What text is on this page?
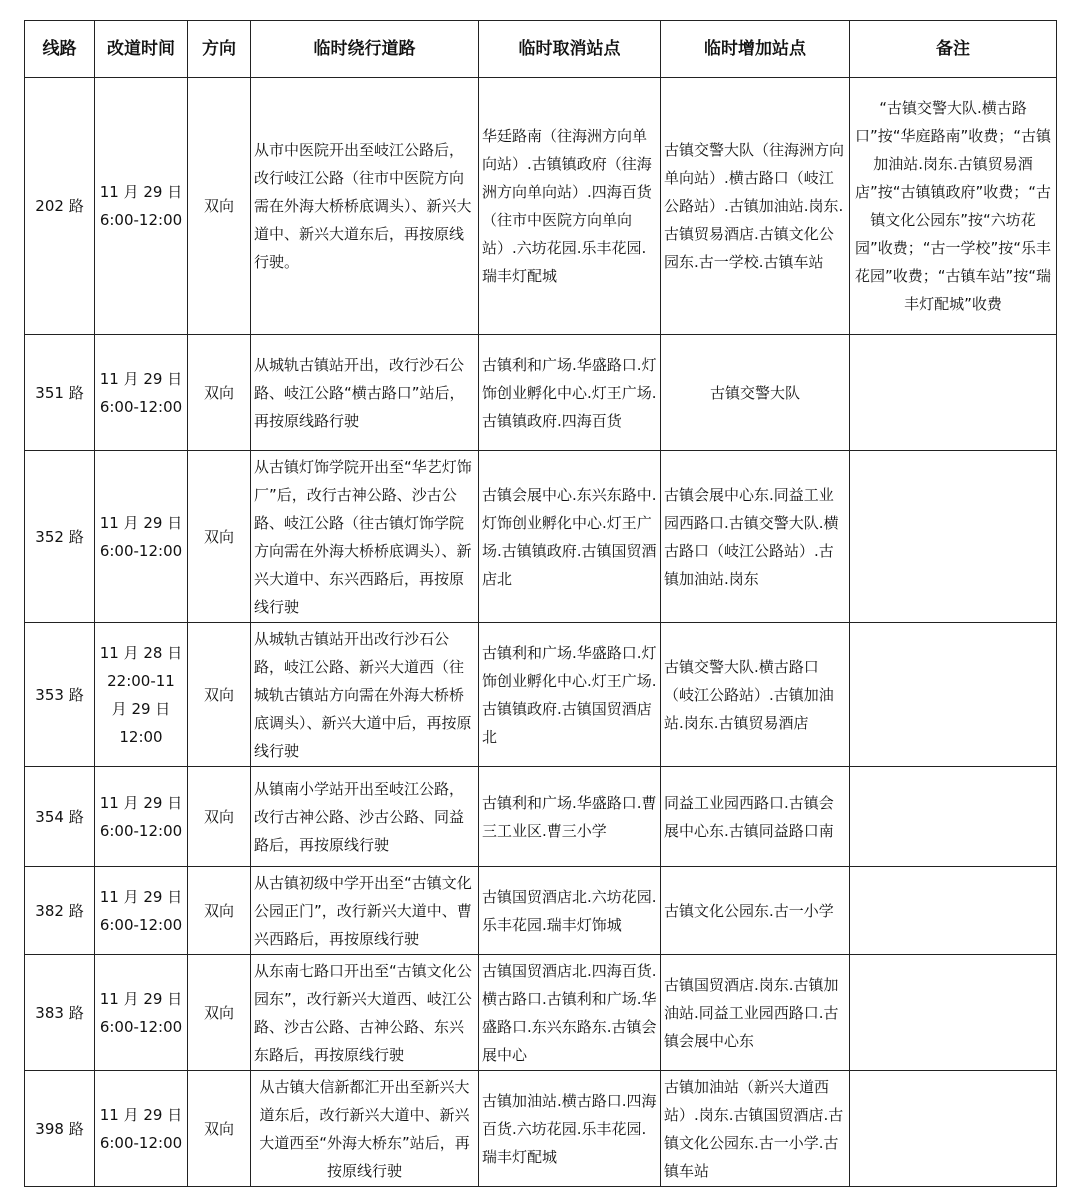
线路	改道时间	方向	临时绕行道路	临时取消站点	临时增加站点	备注
202 路	11 月 29 日 6:00-12:00	双向	从市中医院开出至岐江公路后，改行岐江公路（往市中医院方向需在外海大桥桥底调头）、新兴大道中、新兴大道东后，再按原线行驶。	华廷路南（往海洲方向单向站）.古镇镇政府（往海洲方向单向站）.四海百货（往市中医院方向单向站）.六坊花园.乐丰花园.瑞丰灯配城	古镇交警大队（往海洲方向单向站）.横古路口（岐江公路站）.古镇加油站.岗东.古镇贸易酒店.古镇文化公园东.古一学校.古镇车站	“古镇交警大队.横古路口”按“华庭路南”收费；“古镇加油站.岗东.古镇贸易酒店”按“古镇镇政府”收费；“古镇文化公园东”按“六坊花园”收费；“古一学校”按“乐丰花园”收费；“古镇车站”按“瑞丰灯配城”收费
351 路	11 月 29 日 6:00-12:00	双向	从城轨古镇站开出，改行沙石公路、岐江公路“横古路口”站后，再按原线路行驶	古镇利和广场.华盛路口.灯饰创业孵化中心.灯王广场.古镇镇政府.四海百货	古镇交警大队	
352 路	11 月 29 日 6:00-12:00	双向	从古镇灯饰学院开出至“华艺灯饰厂”后，改行古神公路、沙古公路、岐江公路（往古镇灯饰学院方向需在外海大桥桥底调头）、新兴大道中、东兴西路后，再按原线行驶	古镇会展中心.东兴东路中.灯饰创业孵化中心.灯王广场.古镇镇政府.古镇国贸酒店北	古镇会展中心东.同益工业园西路口.古镇交警大队.横古路口（岐江公路站）.古镇加油站.岗东	
353 路	11 月 28 日 22:00-11 月 29 日 12:00	双向	从城轨古镇站开出改行沙石公路，岐江公路、新兴大道西（往城轨古镇站方向需在外海大桥桥底调头）、新兴大道中后，再按原线行驶	古镇利和广场.华盛路口.灯饰创业孵化中心.灯王广场.古镇镇政府.古镇国贸酒店北	古镇交警大队.横古路口（岐江公路站）.古镇加油站.岗东.古镇贸易酒店	
354 路	11 月 29 日 6:00-12:00	双向	从镇南小学站开出至岐江公路，改行古神公路、沙古公路、同益路后，再按原线行驶	古镇利和广场.华盛路口.曹三工业区.曹三小学	同益工业园西路口.古镇会展中心东.古镇同益路口南	
382 路	11 月 29 日 6:00-12:00	双向	从古镇初级中学开出至“古镇文化公园正门”，改行新兴大道中、曹兴西路后，再按原线行驶	古镇国贸酒店北.六坊花园.乐丰花园.瑞丰灯饰城	古镇文化公园东.古一小学	
383 路	11 月 29 日 6:00-12:00	双向	从东南七路口开出至“古镇文化公园东”，改行新兴大道西、岐江公路、沙古公路、古神公路、东兴东路后，再按原线行驶	古镇国贸酒店北.四海百货.横古路口.古镇利和广场.华盛路口.东兴东路东.古镇会展中心	古镇国贸酒店.岗东.古镇加油站.同益工业园西路口.古镇会展中心东	
398 路	11 月 29 日 6:00-12:00	双向	从古镇大信新都汇开出至新兴大道东后，改行新兴大道中、新兴大道西至“外海大桥东”站后，再按原线行驶	古镇加油站.横古路口.四海百货.六坊花园.乐丰花园.瑞丰灯配城	古镇加油站（新兴大道西站）.岗东.古镇国贸酒店.古镇文化公园东.古一小学.古镇车站	
